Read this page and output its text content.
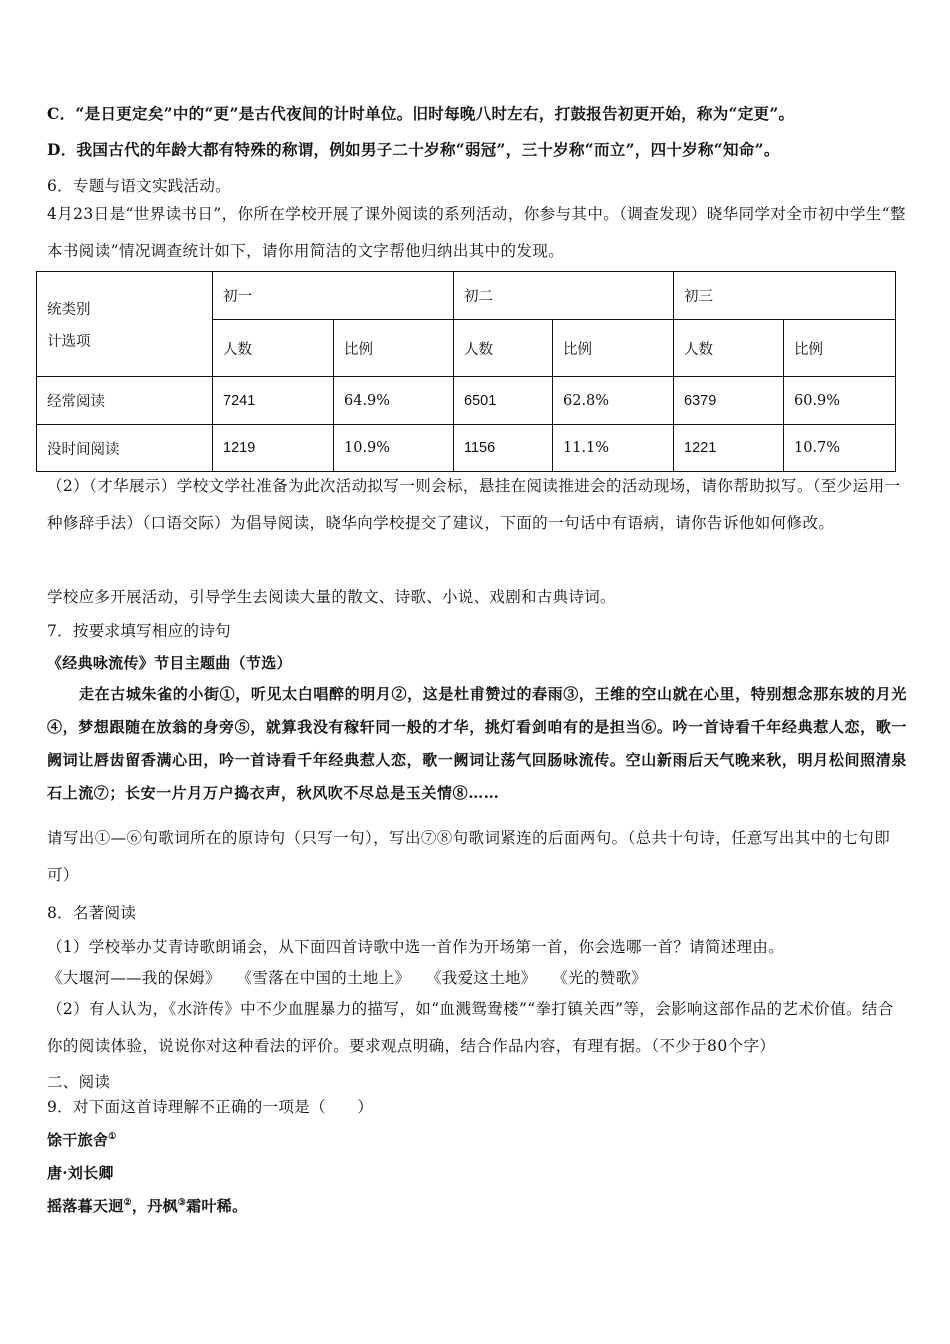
C．“是日更定矣”中的“更”是古代夜间的计时单位。旧时每晚八时左右，打鼓报告初更开始，称为“定更”。
D．我国古代的年龄大都有特殊的称谓，例如男子二十岁称“弱冠”，三十岁称“而立”，四十岁称“知命”。
6．专题与语文实践活动。
4月23日是“世界读书日”，你所在学校开展了课外阅读的系列活动，你参与其中。（调查发现）晓华同学对全市初中学生“整本书阅读”情况调查统计如下，请你用简洁的文字帮他归纳出其中的发现。
统类别
计选项	初一		初二		初三	
	人数	比例	人数	比例	人数	比例
经常阅读	7241	64.9%	6501	62.8%	6379	60.9%
没时间阅读	1219	10.9%	1156	11.1%	1221	10.7%
（2）（才华展示）学校文学社准备为此次活动拟写一则会标，悬挂在阅读推进会的活动现场，请你帮助拟写。（至少运用一种修辞手法）（口语交际）为倡导阅读，晓华向学校提交了建议，下面的一句话中有语病，请你告诉他如何修改。
学校应多开展活动，引导学生去阅读大量的散文、诗歌、小说、戏剧和古典诗词。
7．按要求填写相应的诗句
《经典咏流传》节目主题曲（节选）
走在古城朱雀的小街①，听见太白唱醉的明月②，这是杜甫赞过的春雨③，王维的空山就在心里，特别想念那东坡的月光④，梦想跟随在放翁的身旁⑤，就算我没有稼轩同一般的才华，挑灯看剑咱有的是担当⑥。吟一首诗看千年经典惹人恋，歌一阙词让唇齿留香满心田，吟一首诗看千年经典惹人恋，歌一阙词让荡气回肠咏流传。空山新雨后天气晚来秋，明月松间照清泉石上流⑦；长安一片月万户捣衣声，秋风吹不尽总是玉关情⑧……
请写出①—⑥句歌词所在的原诗句（只写一句），写出⑦⑧句歌词紧连的后面两句。（总共十句诗，任意写出其中的七句即可）
8．名著阅读
（1）学校举办艾青诗歌朗诵会，从下面四首诗歌中选一首作为开场第一首，你会选哪一首？请简述理由。
《大堰河——我的保姆》 《雪落在中国的土地上》 《我爱这土地》 《光的赞歌》
（2）有人认为，《水浒传》中不少血腥暴力的描写，如“血溅鸳鸯楼”“拳打镇关西”等，会影响这部作品的艺术价值。结合你的阅读体验，说说你对这种看法的评价。要求观点明确，结合作品内容，有理有据。（不少于80个字）
二、阅读
9．对下面这首诗理解不正确的一项是（　　）
馀干旅舍①
唐·刘长卿
摇落暮天迥②，丹枫③霜叶稀。
